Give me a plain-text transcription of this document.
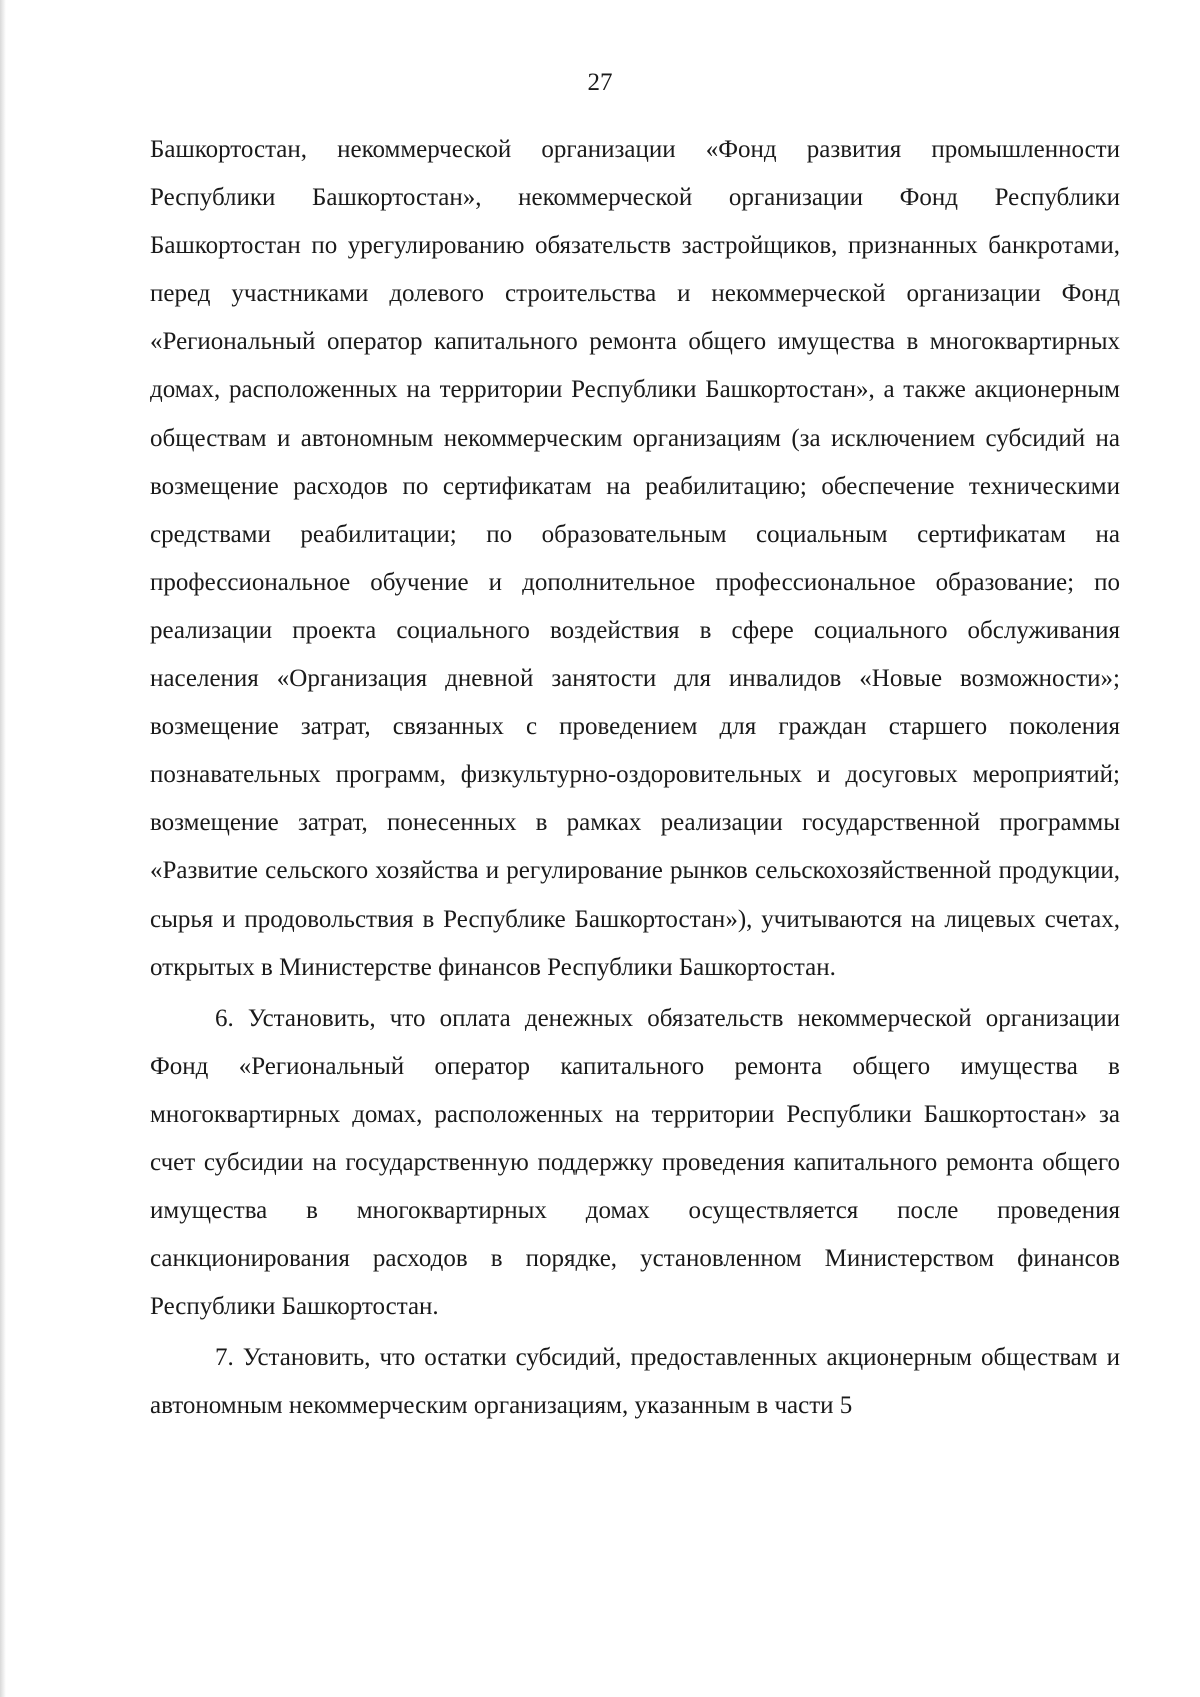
27

Башкортостан, некоммерческой организации «Фонд развития промышленности Республики Башкортостан», некоммерческой организации Фонд Республики Башкортостан по урегулированию обязательств застройщиков, признанных банкротами, перед участниками долевого строительства и некоммерческой организации Фонд «Региональный оператор капитального ремонта общего имущества в многоквартирных домах, расположенных на территории Республики Башкортостан», а также акционерным обществам и автономным некоммерческим организациям (за исключением субсидий на возмещение расходов по сертификатам на реабилитацию; обеспечение техническими средствами реабилитации; по образовательным социальным сертификатам на профессиональное обучение и дополнительное профессиональное образование; по реализации проекта социального воздействия в сфере социального обслуживания населения «Организация дневной занятости для инвалидов «Новые возможности»; возмещение затрат, связанных с проведением для граждан старшего поколения познавательных программ, физкультурно-оздоровительных и досуговых мероприятий; возмещение затрат, понесенных в рамках реализации государственной программы «Развитие сельского хозяйства и регулирование рынков сельскохозяйственной продукции, сырья и продовольствия в Республике Башкортостан»), учитываются на лицевых счетах, открытых в Министерстве финансов Республики Башкортостан.

6. Установить, что оплата денежных обязательств некоммерческой организации Фонд «Региональный оператор капитального ремонта общего имущества в многоквартирных домах, расположенных на территории Республики Башкортостан» за счет субсидии на государственную поддержку проведения капитального ремонта общего имущества в многоквартирных домах осуществляется после проведения санкционирования расходов в порядке, установленном Министерством финансов Республики Башкортостан.

7. Установить, что остатки субсидий, предоставленных акционерным обществам и автономным некоммерческим организациям, указанным в части 5
